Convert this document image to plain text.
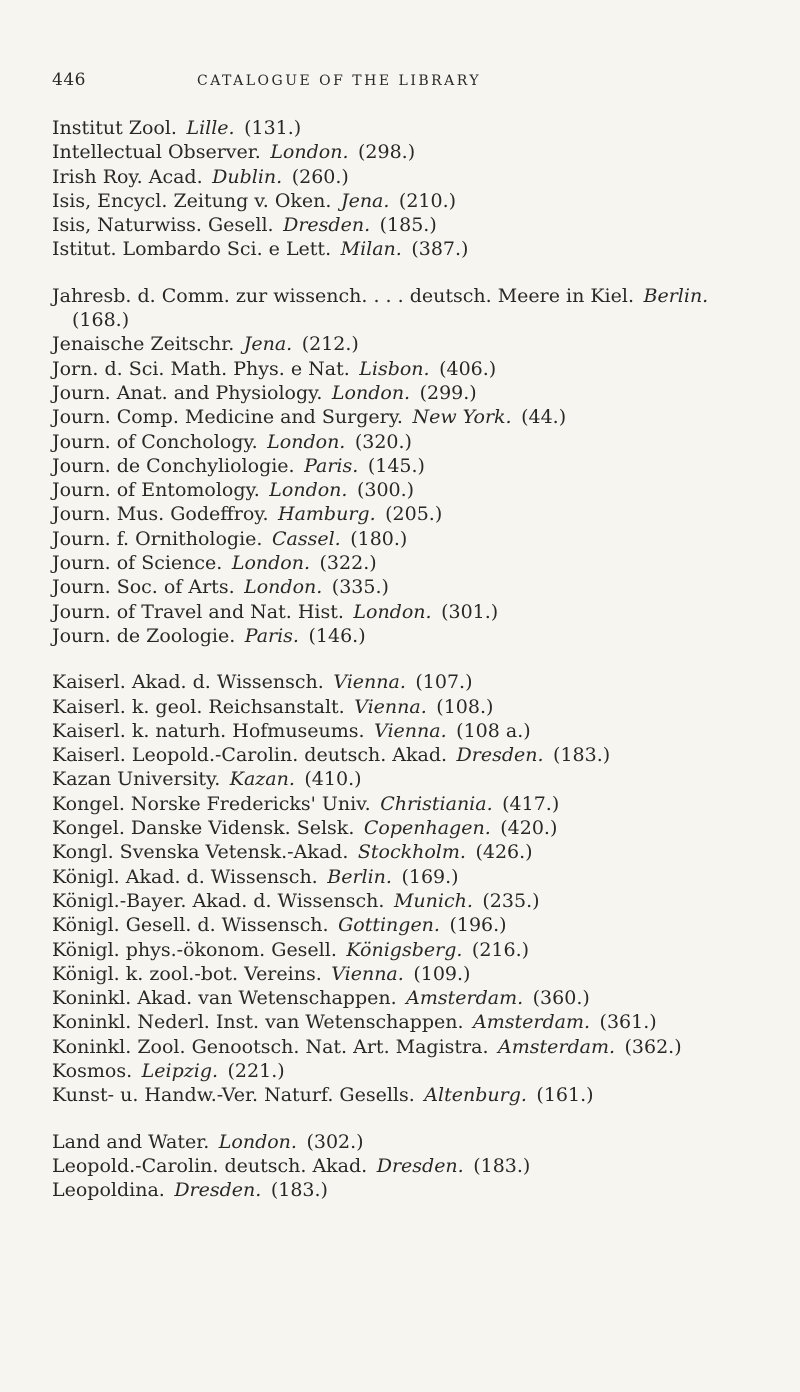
446	CATALOGUE OF THE LIBRARY
Institut Zool.  Lille.  (131.)
Intellectual Observer.  London.  (298.)
Irish Roy. Acad.  Dublin.  (260.)
Isis, Encycl. Zeitung v. Oken.  Jena.  (210.)
Isis, Naturwiss. Gesell.  Dresden.  (185.)
Istitut. Lombardo Sci. e Lett.  Milan.  (387.)
Jahresb. d. Comm. zur wissench. . . . deutsch. Meere in Kiel.  Berlin. (168.)
Jenaische Zeitschr.  Jena.  (212.)
Jorn. d. Sci. Math. Phys. e Nat.  Lisbon.  (406.)
Journ. Anat. and Physiology.  London.  (299.)
Journ. Comp. Medicine and Surgery.  New York.  (44.)
Journ. of Conchology.  London.  (320.)
Journ. de Conchyliologie.  Paris.  (145.)
Journ. of Entomology.  London.  (300.)
Journ. Mus. Godeffroy.  Hamburg.  (205.)
Journ. f. Ornithologie.  Cassel.  (180.)
Journ. of Science.  London.  (322.)
Journ. Soc. of Arts.  London.  (335.)
Journ. of Travel and Nat. Hist.  London.  (301.)
Journ. de Zoologie.  Paris.  (146.)
Kaiserl. Akad. d. Wissensch.  Vienna.  (107.)
Kaiserl. k. geol. Reichsanstalt.  Vienna.  (108.)
Kaiserl. k. naturh. Hofmuseums.  Vienna.  (108 a.)
Kaiserl. Leopold.-Carolin. deutsch. Akad.  Dresden.  (183.)
Kazan University.  Kazan.  (410.)
Kongel. Norske Fredericks' Univ.  Christiania.  (417.)
Kongel. Danske Vidensk. Selsk.  Copenhagen.  (420.)
Kongl. Svenska Vetensk.-Akad.  Stockholm.  (426.)
Königl. Akad. d. Wissensch.  Berlin.  (169.)
Königl.-Bayer. Akad. d. Wissensch.  Munich.  (235.)
Königl. Gesell. d. Wissensch.  Gottingen.  (196.)
Königl. phys.-ökonom. Gesell.  Königsberg.  (216.)
Königl. k. zool.-bot. Vereins.  Vienna.  (109.)
Koninkl. Akad. van Wetenschappen.  Amsterdam.  (360.)
Koninkl. Nederl. Inst. van Wetenschappen.  Amsterdam.  (361.)
Koninkl. Zool. Genootsch. Nat. Art. Magistra.  Amsterdam.  (362.)
Kosmos.  Leipzig.  (221.)
Kunst- u. Handw.-Ver. Naturf. Gesells.  Altenburg.  (161.)
Land and Water.  London.  (302.)
Leopold.-Carolin. deutsch. Akad.  Dresden.  (183.)
Leopoldina.  Dresden.  (183.)
